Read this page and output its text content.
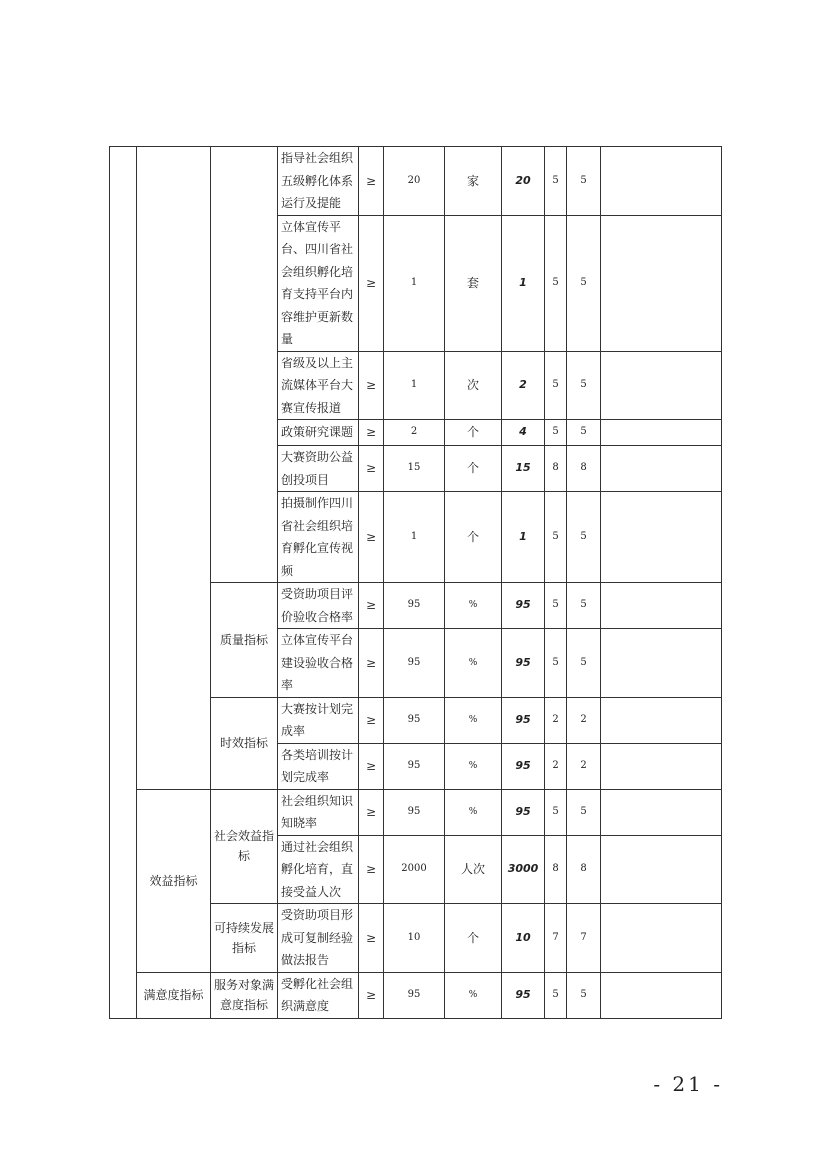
			指导社会组织五级孵化体系运行及提能	≥	20	家	20	5	5	
			立体宣传平台、四川省社会组织孵化培育支持平台内容维护更新数量	≥	1	套	1	5	5	
			省级及以上主流媒体平台大赛宣传报道	≥	1	次	2	5	5	
			政策研究课题	≥	2	个	4	5	5	
			大赛资助公益创投项目	≥	15	个	15	8	8	
			拍摄制作四川省社会组织培育孵化宣传视频	≥	1	个	1	5	5	
		质量指标	受资助项目评价验收合格率	≥	95	%	95	5	5	
			立体宣传平台建设验收合格率	≥	95	%	95	5	5	
		时效指标	大赛按计划完成率	≥	95	%	95	2	2	
			各类培训按计划完成率	≥	95	%	95	2	2	
	效益指标	社会效益指标	社会组织知识知晓率	≥	95	%	95	5	5	
			通过社会组织孵化培育，直接受益人次	≥	2000	人次	3000	8	8	
		可持续发展指标	受资助项目形成可复制经验做法报告	≥	10	个	10	7	7	
	满意度指标	服务对象满意度指标	受孵化社会组织满意度	≥	95	%	95	5	5	
- 21 -
